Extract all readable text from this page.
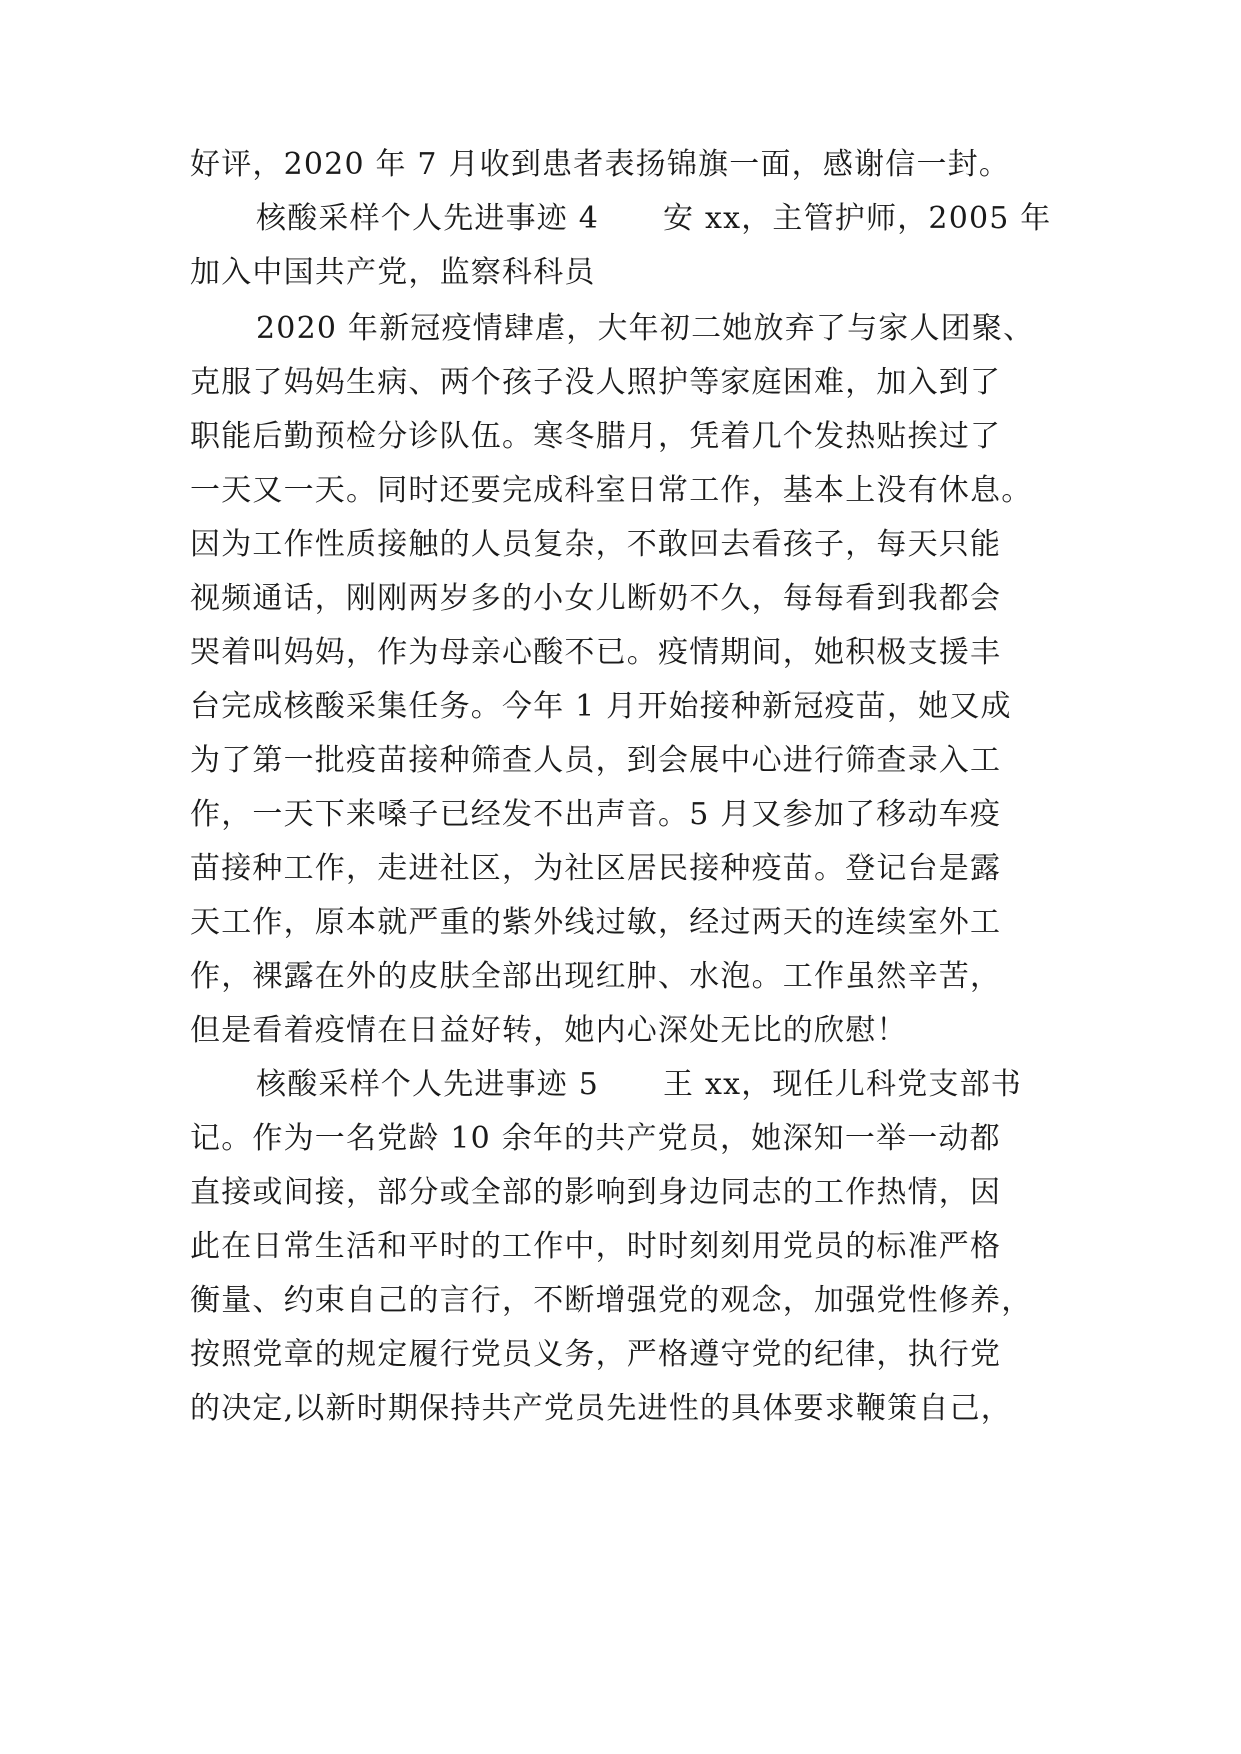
好评，2020 年 7 月收到患者表扬锦旗一面，感谢信一封。
核酸采样个人先进事迹 4 安 xx，主管护师，2005 年
加入中国共产党，监察科科员
2020 年新冠疫情肆虐，大年初二她放弃了与家人团聚、
克服了妈妈生病、两个孩子没人照护等家庭困难，加入到了
职能后勤预检分诊队伍。寒冬腊月，凭着几个发热贴挨过了
一天又一天。同时还要完成科室日常工作，基本上没有休息。
因为工作性质接触的人员复杂，不敢回去看孩子，每天只能
视频通话，刚刚两岁多的小女儿断奶不久，每每看到我都会
哭着叫妈妈，作为母亲心酸不已。疫情期间，她积极支援丰
台完成核酸采集任务。今年 1 月开始接种新冠疫苗，她又成
为了第一批疫苗接种筛查人员，到会展中心进行筛查录入工
作，一天下来嗓子已经发不出声音。5 月又参加了移动车疫
苗接种工作，走进社区，为社区居民接种疫苗。登记台是露
天工作，原本就严重的紫外线过敏，经过两天的连续室外工
作，裸露在外的皮肤全部出现红肿、水泡。工作虽然辛苦，
但是看着疫情在日益好转，她内心深处无比的欣慰！
核酸采样个人先进事迹 5 王 xx，现任儿科党支部书
记。作为一名党龄 10 余年的共产党员，她深知一举一动都
直接或间接，部分或全部的影响到身边同志的工作热情，因
此在日常生活和平时的工作中，时时刻刻用党员的标准严格
衡量、约束自己的言行，不断增强党的观念，加强党性修养，
按照党章的规定履行党员义务，严格遵守党的纪律，执行党
的决定,以新时期保持共产党员先进性的具体要求鞭策自己，
